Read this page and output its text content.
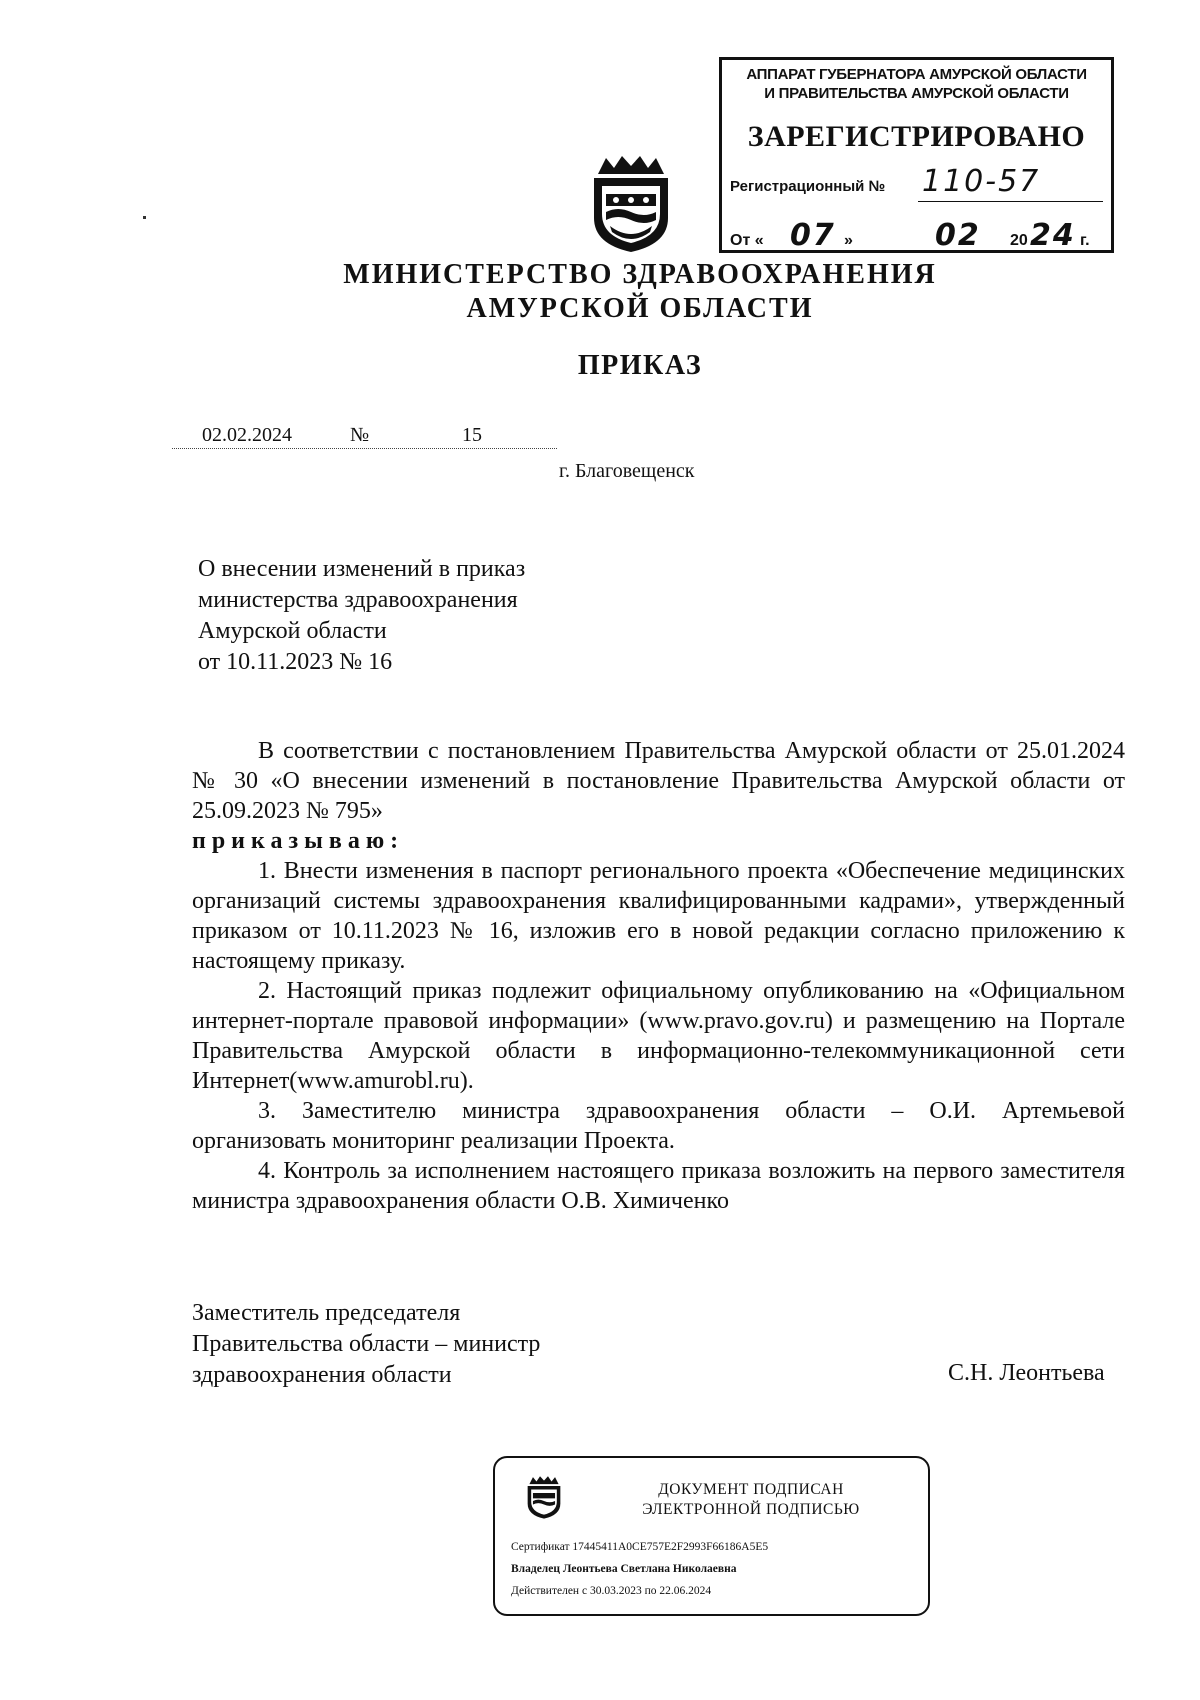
АППАРАТ ГУБЕРНАТОРА АМУРСКОЙ ОБЛАСТИ
И ПРАВИТЕЛЬСТВА АМУРСКОЙ ОБЛАСТИ
ЗАРЕГИСТРИРОВАНО
Регистрационный № 110-57
От « 07 »	02 20 24 г.
МИНИСТЕРСТВО ЗДРАВООХРАНЕНИЯ
АМУРСКОЙ ОБЛАСТИ
ПРИКАЗ
02.02.2024	№	15
г. Благовещенск
О внесении изменений в приказ
министерства здравоохранения
Амурской области
от 10.11.2023 № 16

В соответствии с постановлением Правительства Амурской области от 25.01.2024 № 30 «О внесении изменений в постановление Правительства Амурской области от 25.09.2023 № 795»

приказываю:

1. Внести изменения в паспорт регионального проекта «Обеспечение медицинских организаций системы здравоохранения квалифицированными кадрами», утвержденный приказом от 10.11.2023 № 16, изложив его в новой редакции согласно приложению к настоящему приказу.

2. Настоящий приказ подлежит официальному опубликованию на «Официальном интернет-портале правовой информации» (www.pravo.gov.ru) и размещению на Портале Правительства Амурской области в информационно-телекоммуникационной сети Интернет(www.amurobl.ru).

3. Заместителю министра здравоохранения области – О.И. Артемьевой организовать мониторинг реализации Проекта.

4. Контроль за исполнением настоящего приказа возложить на первого заместителя министра здравоохранения области О.В. Химиченко

Заместитель председателя
Правительства области – министр
здравоохранения области	С.Н. Леонтьева
ДОКУМЕНТ ПОДПИСАН
ЭЛЕКТРОННОЙ ПОДПИСЬЮ
Сертификат 17445411A0CE757E2F2993F66186A5E5
Владелец Леонтьева Светлана Николаевна
Действителен с 30.03.2023 по 22.06.2024
